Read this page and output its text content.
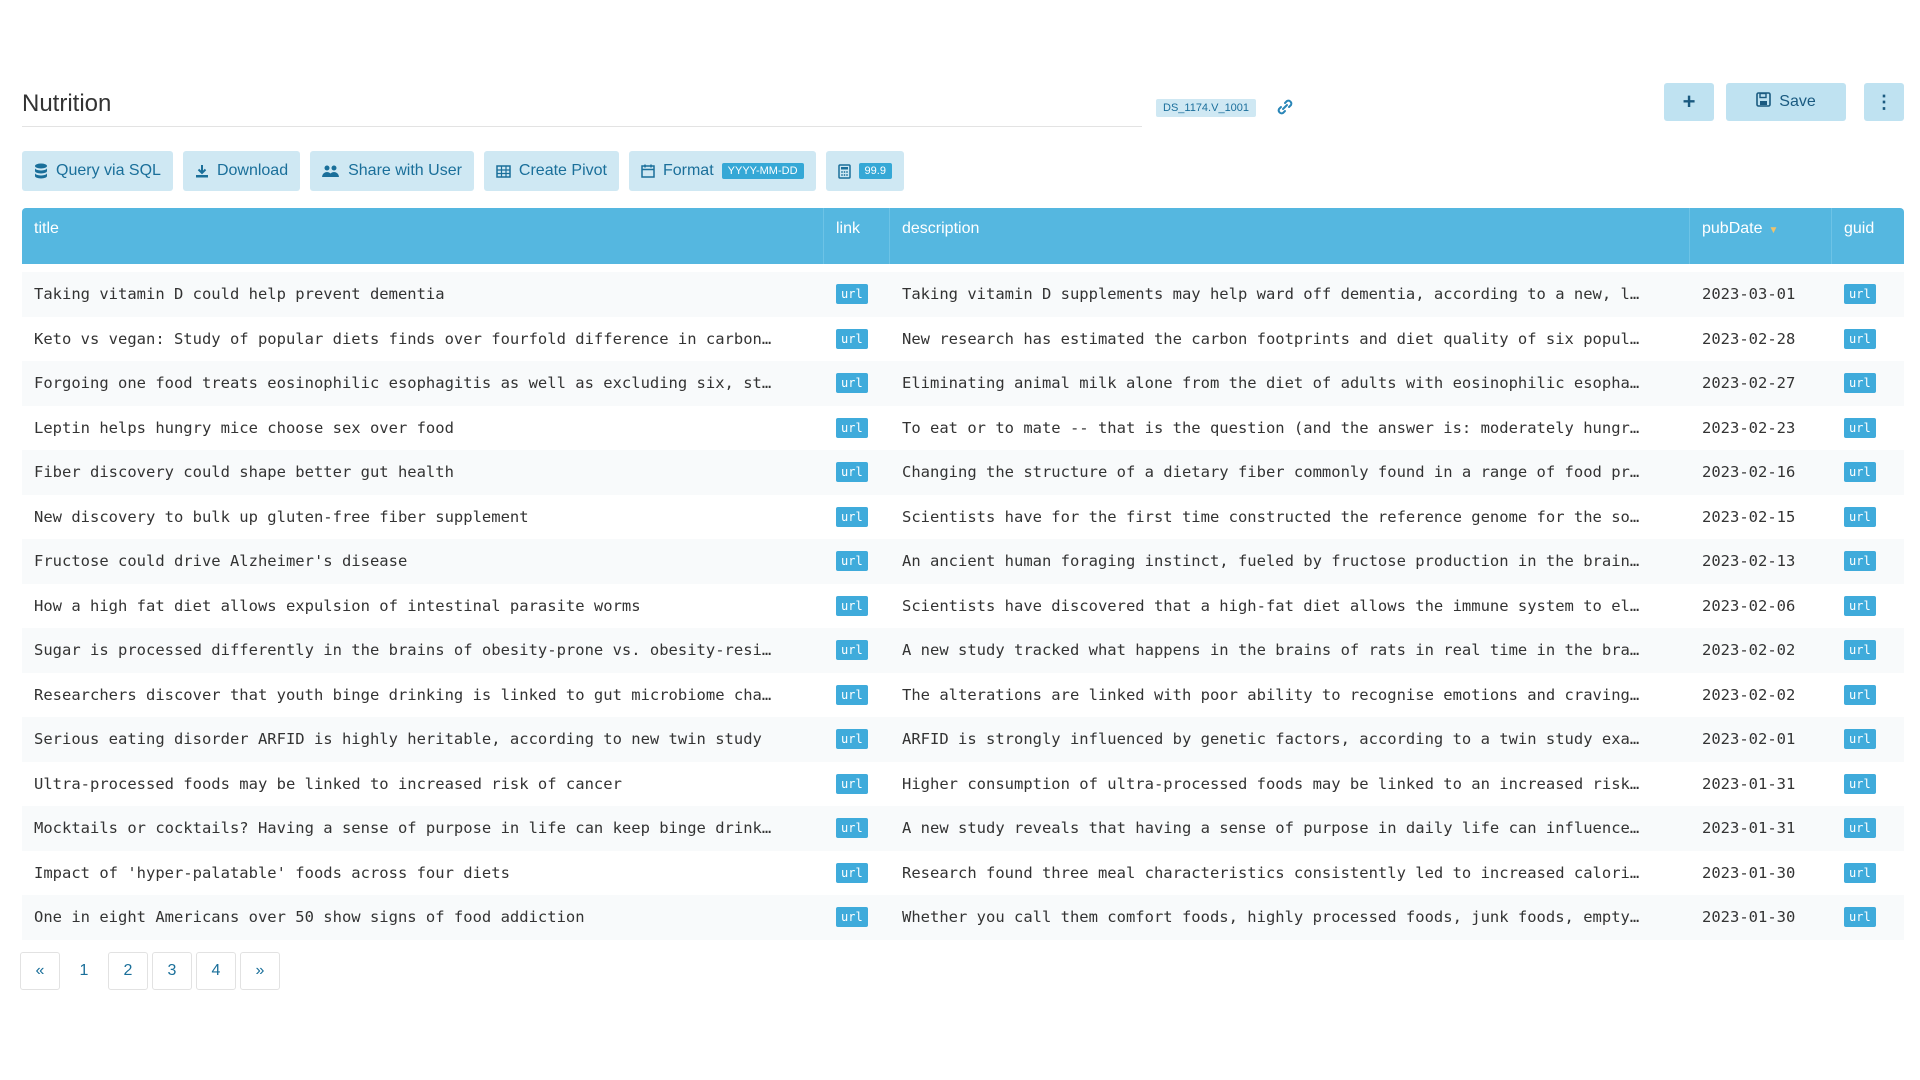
Nutrition	DS_1174.V_1001	+	Save	⋮
Query via SQL	Download	Share with User	Create Pivot	Format	YYYY-MM-DD	99.9
title	link	description	pubDate ▼	guid
Taking vitamin D could help prevent dementia	url	Taking vitamin D supplements may help ward off dementia, according to a new, l…	2023-03-01	url
Keto vs vegan: Study of popular diets finds over fourfold difference in carbon…	url	New research has estimated the carbon footprints and diet quality of six popul…	2023-02-28	url
Forgoing one food treats eosinophilic esophagitis as well as excluding six, st…	url	Eliminating animal milk alone from the diet of adults with eosinophilic esopha…	2023-02-27	url
Leptin helps hungry mice choose sex over food	url	To eat or to mate -- that is the question (and the answer is: moderately hungr…	2023-02-23	url
Fiber discovery could shape better gut health	url	Changing the structure of a dietary fiber commonly found in a range of food pr…	2023-02-16	url
New discovery to bulk up gluten-free fiber supplement	url	Scientists have for the first time constructed the reference genome for the so…	2023-02-15	url
Fructose could drive Alzheimer's disease	url	An ancient human foraging instinct, fueled by fructose production in the brain…	2023-02-13	url
How a high fat diet allows expulsion of intestinal parasite worms	url	Scientists have discovered that a high-fat diet allows the immune system to el…	2023-02-06	url
Sugar is processed differently in the brains of obesity-prone vs. obesity-resi…	url	A new study tracked what happens in the brains of rats in real time in the bra…	2023-02-02	url
Researchers discover that youth binge drinking is linked to gut microbiome cha…	url	The alterations are linked with poor ability to recognise emotions and craving…	2023-02-02	url
Serious eating disorder ARFID is highly heritable, according to new twin study	url	ARFID is strongly influenced by genetic factors, according to a twin study exa…	2023-02-01	url
Ultra-processed foods may be linked to increased risk of cancer	url	Higher consumption of ultra-processed foods may be linked to an increased risk…	2023-01-31	url
Mocktails or cocktails? Having a sense of purpose in life can keep binge drink…	url	A new study reveals that having a sense of purpose in daily life can influence…	2023-01-31	url
Impact of 'hyper-palatable' foods across four diets	url	Research found three meal characteristics consistently led to increased calori…	2023-01-30	url
One in eight Americans over 50 show signs of food addiction	url	Whether you call them comfort foods, highly processed foods, junk foods, empty…	2023-01-30	url
«	1	2	3	4	»
